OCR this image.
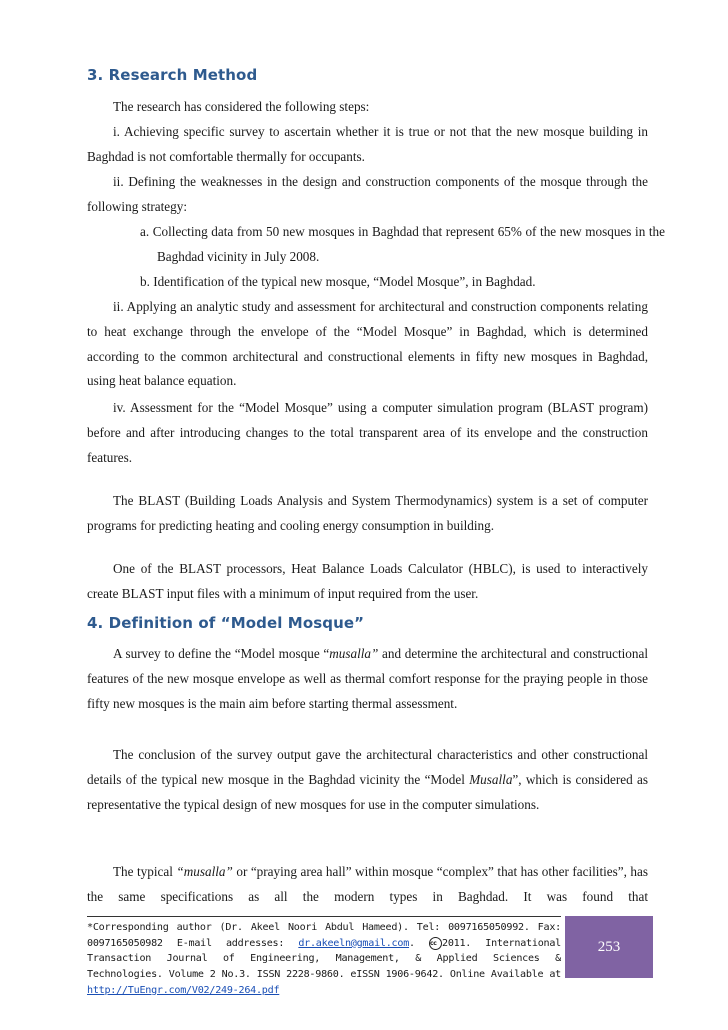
3. Research Method

The research has considered the following steps:

i. Achieving specific survey to ascertain whether it is true or not that the new mosque building in Baghdad is not comfortable thermally for occupants.

ii. Defining the weaknesses in the design and construction components of the mosque through the following strategy:

a. Collecting data from 50 new mosques in Baghdad that represent 65% of the new mosques in the Baghdad vicinity in July 2008.

b. Identification of the typical new mosque, “Model Mosque”, in Baghdad.

ii. Applying an analytic study and assessment for architectural and construction components relating to heat exchange through the envelope of the “Model Mosque” in Baghdad, which is determined according to the common architectural and constructional elements in fifty new mosques in Baghdad, using heat balance equation.

iv. Assessment for the “Model Mosque” using a computer simulation program (BLAST program) before and after introducing changes to the total transparent area of its envelope and the construction features.

The BLAST (Building Loads Analysis and System Thermodynamics) system is a set of computer programs for predicting heating and cooling energy consumption in building.

One of the BLAST processors, Heat Balance Loads Calculator (HBLC), is used to interactively create BLAST input files with a minimum of input required from the user.

4. Definition of “Model Mosque”

A survey to define the “Model mosque “musalla” and determine the architectural and constructional features of the new mosque envelope as well as thermal comfort response for the praying people in those fifty new mosques is the main aim before starting thermal assessment.

The conclusion of the survey output gave the architectural characteristics and other constructional details of the typical new mosque in the Baghdad vicinity the “Model Musalla”, which is considered as representative the typical design of new mosques for use in the computer simulations.

The typical “musalla” or “praying area hall” within mosque “complex” that has other facilities”, has the same specifications as all the modern types in Baghdad. It was found that

*Corresponding author (Dr. Akeel Noori Abdul Hameed). Tel: 0097165050992. Fax: 0097165050982 E-mail addresses: dr.akeeln@gmail.com. cc 2011. International Transaction Journal of Engineering, Management, & Applied Sciences & Technologies. Volume 2 No.3. ISSN 2228-9860. eISSN 1906-9642. Online Available at http://TuEngr.com/V02/249-264.pdf

253
